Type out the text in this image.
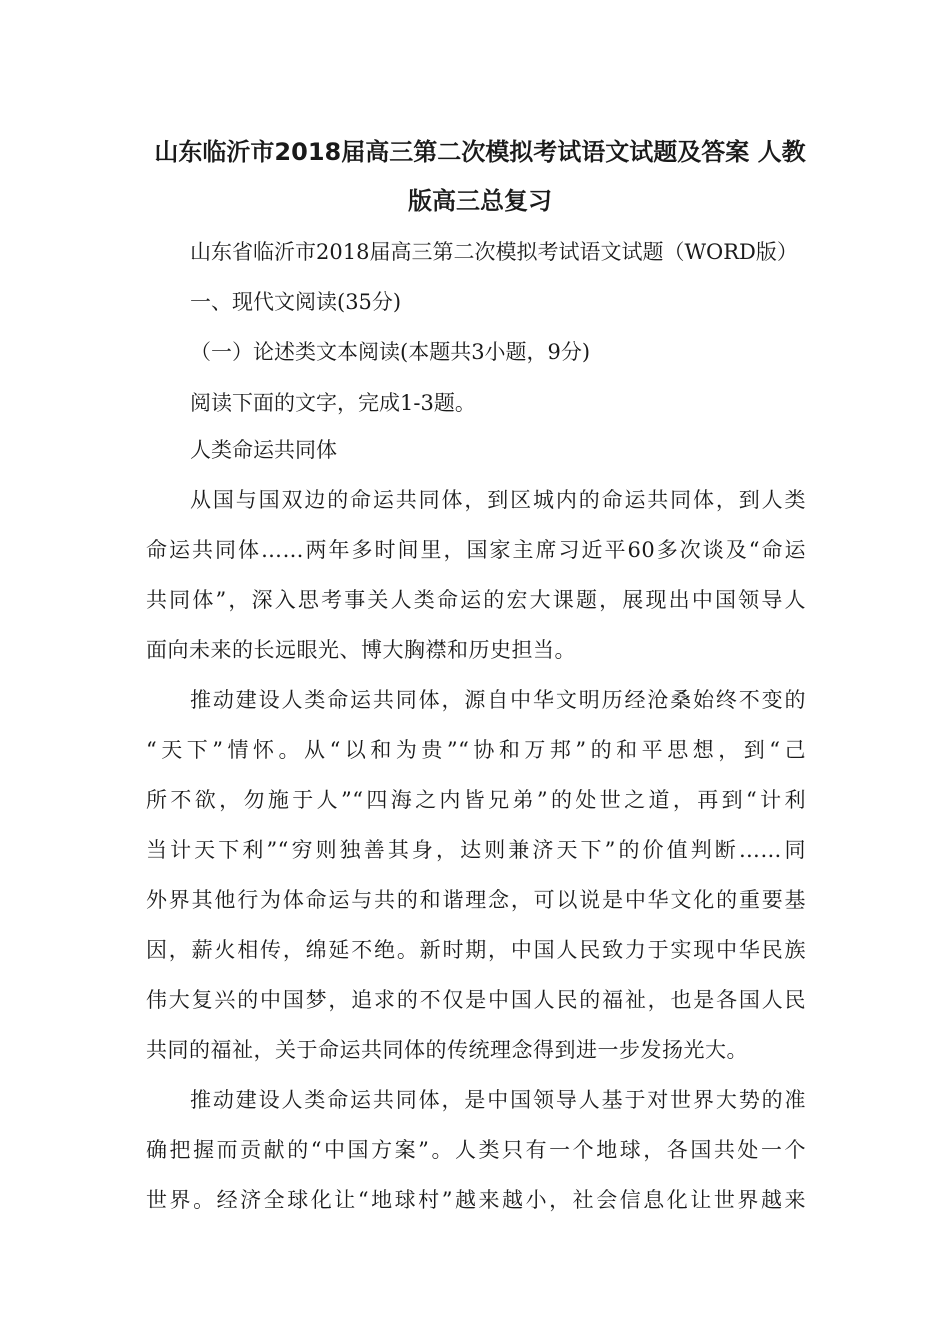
山东临沂市2018届高三第二次模拟考试语文试题及答案 人教
版高三总复习
山东省临沂市2018届高三第二次模拟考试语文试题（WORD版）
一、现代文阅读(35分)
（一）论述类文本阅读(本题共3小题，9分)
阅读下面的文字，完成1-3题。
人类命运共同体
从国与国双边的命运共同体，到区城内的命运共同体，到人类
命运共同体……两年多时间里，国家主席习近平60多次谈及“命运
共同体”，深入思考事关人类命运的宏大课题，展现出中国领导人
面向未来的长远眼光、博大胸襟和历史担当。
推动建设人类命运共同体，源自中华文明历经沧桑始终不变的
“天下”情怀。从“以和为贵”“协和万邦”的和平思想，到“己
所不欲，勿施于人”“四海之内皆兄弟”的处世之道，再到“计利
当计天下利”“穷则独善其身，达则兼济天下”的价值判断……同
外界其他行为体命运与共的和谐理念，可以说是中华文化的重要基
因，薪火相传，绵延不绝。新时期，中国人民致力于实现中华民族
伟大复兴的中国梦，追求的不仅是中国人民的福祉，也是各国人民
共同的福祉，关于命运共同体的传统理念得到进一步发扬光大。
推动建设人类命运共同体，是中国领导人基于对世界大势的准
确把握而贡献的“中国方案”。人类只有一个地球，各国共处一个
世界。经济全球化让“地球村”越来越小，社会信息化让世界越来
